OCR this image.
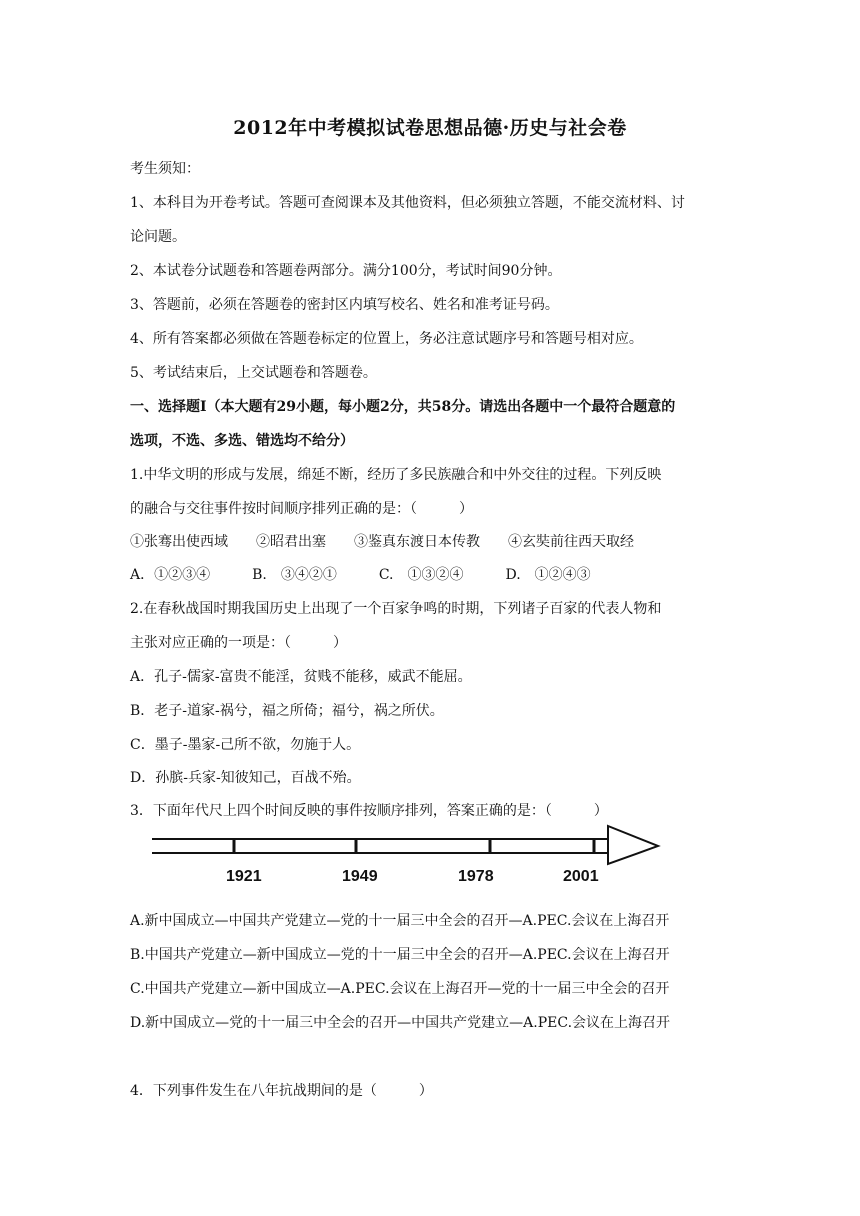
2012年中考模拟试卷思想品德·历史与社会卷
考生须知：
1、本科目为开卷考试。答题可查阅课本及其他资料，但必须独立答题，不能交流材料、讨
论问题。
2、本试卷分试题卷和答题卷两部分。满分100分，考试时间90分钟。
3、答题前，必须在答题卷的密封区内填写校名、姓名和准考证号码。
4、所有答案都必须做在答题卷标定的位置上，务必注意试题序号和答题号相对应。
5、考试结束后，上交试题卷和答题卷。
一、选择题Ⅰ（本大题有29小题，每小题2分，共58分。请选出各题中一个最符合题意的
选项，不选、多选、错选均不给分）
1.中华文明的形成与发展，绵延不断，经历了多民族融合和中外交往的过程。下列反映
的融合与交往事件按时间顺序排列正确的是：（　　　）
①张骞出使西域　　②昭君出塞　　③鉴真东渡日本传教　　④玄奘前往西天取经
A．①②③④　　　B.　③④②①　　　C.　①③②④　　　D.　①②④③
2.在春秋战国时期我国历史上出现了一个百家争鸣的时期，下列诸子百家的代表人物和
主张对应正确的一项是：（　　　）
A．孔子-儒家-富贵不能淫，贫贱不能移，威武不能屈。
B．老子-道家-祸兮，福之所倚；福兮，祸之所伏。
C．墨子-墨家-己所不欲，勿施于人。
D．孙膑-兵家-知彼知己，百战不殆。
3．下面年代尺上四个时间反映的事件按顺序排列，答案正确的是：（　　　）
1921	1949	1978	2001
A.新中国成立—中国共产党建立—党的十一届三中全会的召开—A.PEC.会议在上海召开
B.中国共产党建立—新中国成立—党的十一届三中全会的召开—A.PEC.会议在上海召开
C.中国共产党建立—新中国成立—A.PEC.会议在上海召开—党的十一届三中全会的召开
D.新中国成立—党的十一届三中全会的召开—中国共产党建立—A.PEC.会议在上海召开
4．下列事件发生在八年抗战期间的是（　　　）
